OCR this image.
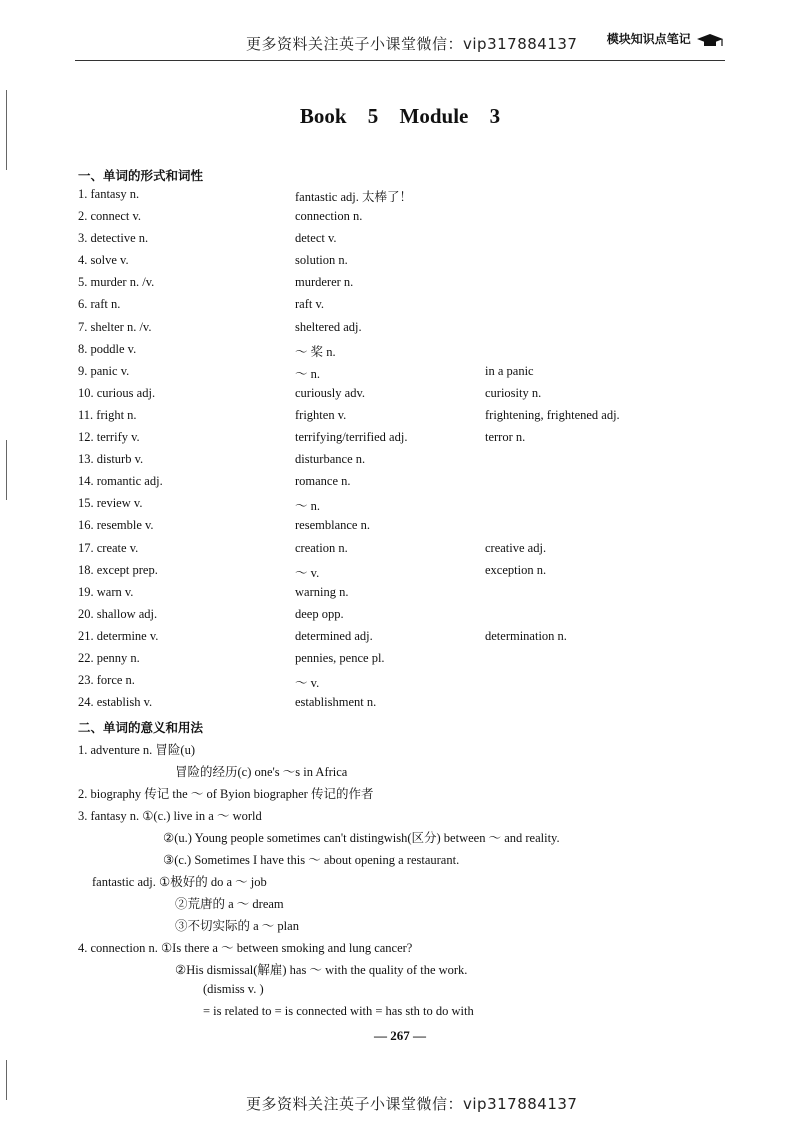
更多资料关注英子小课堂微信：vip317884137 模块知识点笔记
Book 5 Module 3
一、单词的形式和词性
1. fantasy n.	fantastic adj. 太棒了！
2. connect v.	connection n.
3. detective n.	detect v.
4. solve v.	solution n.
5. murder n. /v.	murderer n.
6. raft n.	raft v.
7. shelter n. /v.	sheltered adj.
8. poddle v.	～ 桨 n.
9. panic v.	～ n.	in a panic
10. curious adj.	curiously adv.	curiosity n.
11. fright n.	frighten v.	frightening, frightened adj.
12. terrify v.	terrifying/terrified adj.	terror n.
13. disturb v.	disturbance n.
14. romantic adj.	romance n.
15. review v.	～ n.
16. resemble v.	resemblance n.
17. create v.	creation n.	creative adj.
18. except prep.	～ v.	exception n.
19. warn v.	warning n.
20. shallow adj.	deep opp.
21. determine v.	determined adj.	determination n.
22. penny n.	pennies, pence pl.
23. force n.	～ v.
24. establish v.	establishment n.
二、单词的意义和用法
1. adventure n. 冒险(u)
冒险的经历(c) one's ～s in Africa
2. biography 传记 the ～ of Byion biographer 传记的作者
3. fantasy n. ①(c.) live in a ～ world
②(u.) Young people sometimes can't distingwish(区分) between ～ and reality.
③(c.) Sometimes I have this ～ about opening a restaurant.
fantastic adj. ①极好的 do a ～ job
②荒唐的 a ～ dream
③不切实际的 a ～ plan
4. connection n. ①Is there a ～ between smoking and lung cancer?
②His dismissal(解雇) has ～ with the quality of the work.
(dismiss v. )
= is related to = is connected with = has sth to do with
— 267 —
更多资料关注英子小课堂微信：vip317884137
